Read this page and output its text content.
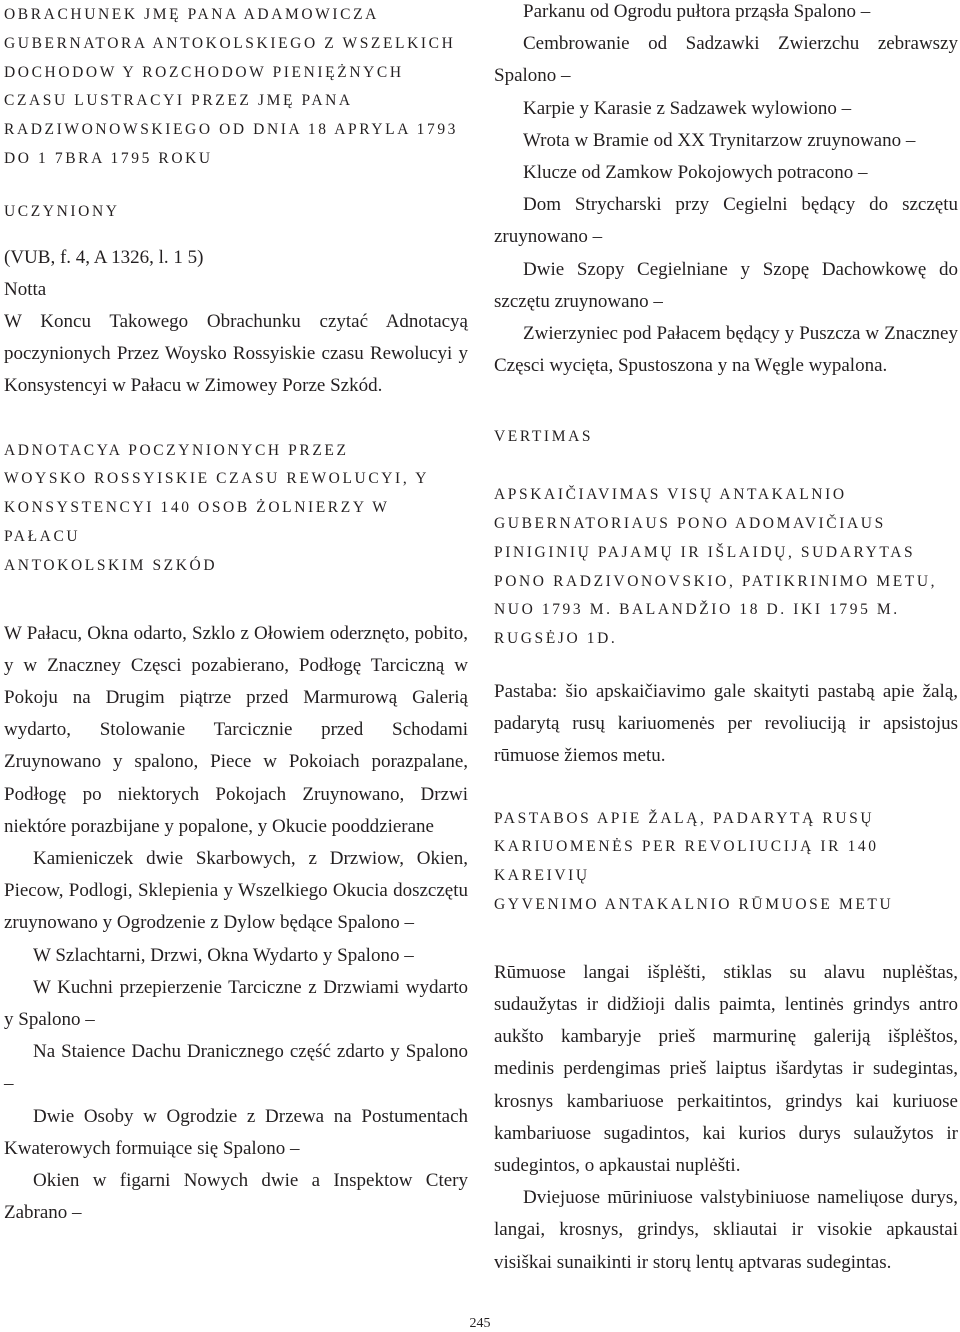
OBRACHUNEK JMĘ PANA ADAMOWICZA

GUBERNATORA ANTOKOLSKIEGO Z WSZELKICH

DOCHODOW Y ROZCHODOW PIENIĘŻNYCH

CZASU LUSTRACYI PRZEZ JMĘ PANA

RADZIWONOWSKIEGO OD DNIA 18 APRYLA 1793

DO 1 7BRA 1795 ROKU

UCZYNIONY

(VUB, f. 4, A 1326, l. 1 5)

Notta

W Koncu Takowego Obrachunku czytać Adnotacyą poczynionych Przez Woysko Rossyiskie czasu Rewolucyi y Konsystencyi w Pałacu w Zimowey Porze Szkód.

ADNOTACYA POCZYNIONYCH PRZEZ

WOYSKO ROSSYISKIE CZASU REWOLUCYI, Y

KONSYSTENCYI 140 OSOB ŻOLNIERZY W PAŁACU

ANTOKOLSKIM SZKÓD

W Pałacu, Okna odarto, Szklo z Ołowiem oderznęto, pobito, y w Znaczney Częsci pozabierano, Podłogę Tarciczną w Pokoju na Drugim piątrze przed Marmurową Galerią wydarto, Stolowanie Tarcicznie przed Schodami Zruynowano y spalono, Piece w Pokoiach porazpalane, Podłogę po niektorych Pokojach Zruynowano, Drzwi niektóre porazbijane y popalone, y Okucie pooddzierane

Kamieniczek dwie Skarbowych, z Drzwiow, Okien, Piecow, Podlogi, Sklepienia y Wszelkiego Okucia doszczętu zruynowano y Ogrodzenie z Dylow będące Spalono –

W Szlachtarni, Drzwi, Okna Wydarto y Spalono –

W Kuchni przepierzenie Tarciczne z Drzwiami wydarto y Spalono –

Na Staience Dachu Dranicznego część zdarto y Spalono –

Dwie Osoby w Ogrodzie z Drzewa na Postumentach Kwaterowych formuiące się Spalono –

Okien w figarni Nowych dwie a Inspektow Ctery Zabrano –

Parkanu od Ogrodu pułtora prząsła Spalono –

Cembrowanie od Sadzawki Zwierzchu zebrawszy Spalono –

Karpie y Karasie z Sadzawek wylowiono –

Wrota w Bramie od XX Trynitarzow zruynowano –

Klucze od Zamkow Pokojowych potracono –

Dom Strycharski przy Cegielni będący do szczętu zruynowano –

Dwie Szopy Cegielniane y Szopę Dachowkowę do szczętu zruynowano –

Zwierzyniec pod Pałacem będący y Puszcza w Znaczney Częsci wycięta, Spustoszona y na Węgle wypalona.

VERTIMAS

APSKAIČIAVIMAS VISŲ ANTAKALNIO

GUBERNATORIAUS PONO ADOMAVIČIAUS

PINIGINIŲ PAJAMŲ IR IŠLAIDŲ, SUDARYTAS

PONO RADZIVONOVSKIO, PATIKRINIMO METU,

NUO 1793 M. BALANDŽIO 18 D. IKI 1795 M.

RUGSĖJO 1D.

Pastaba: šio apskaičiavimo gale skaityti pastabą apie žalą, padarytą rusų kariuomenės per revoliuciją ir apsistojus rūmuose žiemos metu.

PASTABOS APIE ŽALĄ, PADARYTĄ RUSŲ

KARIUOMENĖS PER REVOLIUCIJĄ IR 140 KAREIVIŲ

GYVENIMO ANTAKALNIO RŪMUOSE METU

Rūmuose langai išplėšti, stiklas su alavu nuplėštas, sudaužytas ir didžioji dalis paimta, lentinės grindys antro aukšto kambaryje prieš marmurinę galeriją išplėštos, medinis perdengimas prieš laiptus išardytas ir sudegintas, krosnys kambariuose perkaitintos, grindys kai kuriuose kambariuose sugadintos, kai kurios durys sulaužytos ir sudegintos, o apkaustai nuplėšti.

Dviejuose mūriniuose valstybiniuose nameliųose durys, langai, krosnys, grindys, skliautai ir visokie apkaustai visiškai sunaikinti ir storų lentų aptvaras sudegintas.

245
